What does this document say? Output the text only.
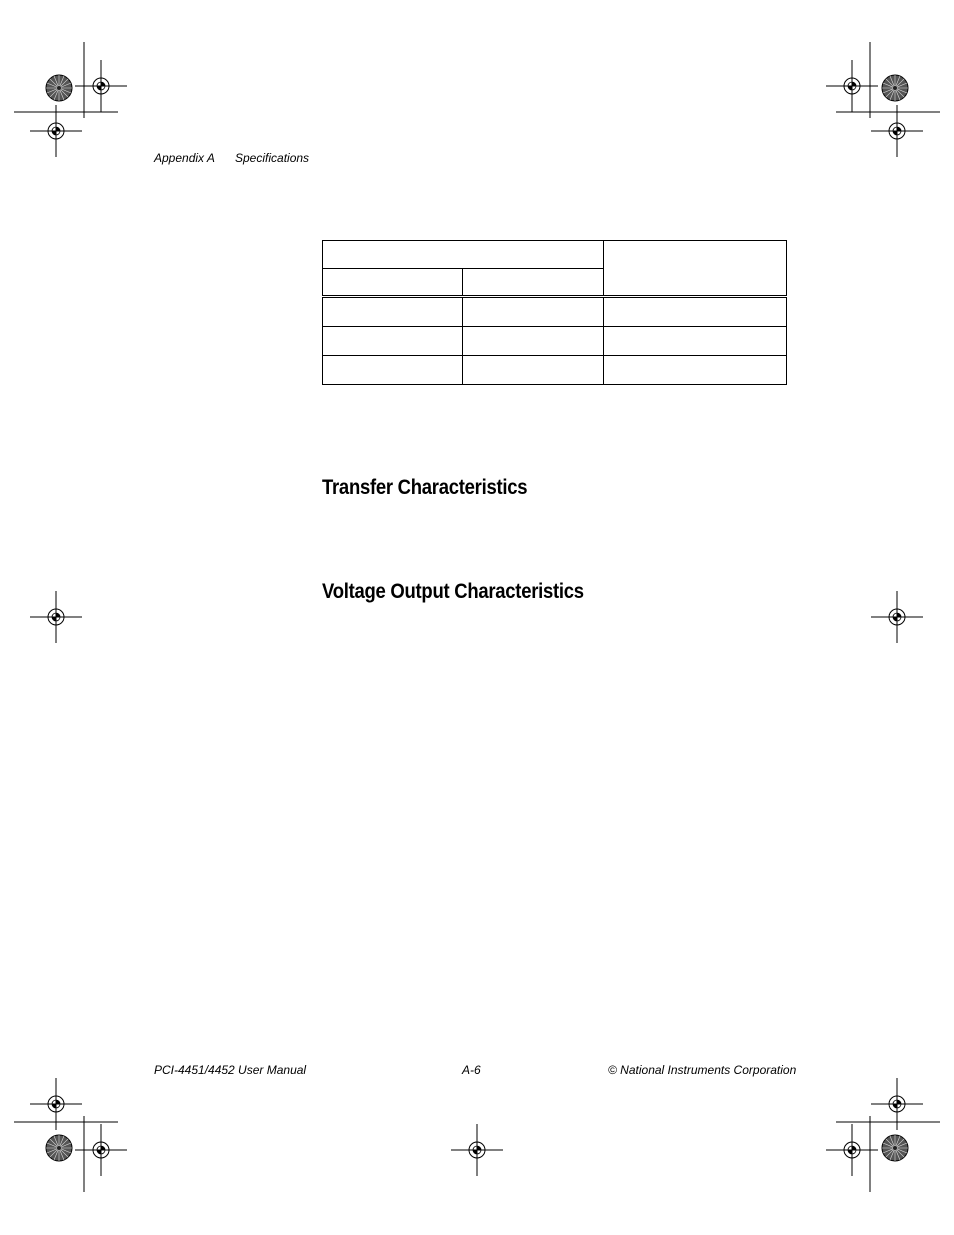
Appendix A Specifications

Transfer Characteristics
Voltage Output Characteristics
PCI-4451/4452 User Manual	A-6	© National Instruments Corporation
